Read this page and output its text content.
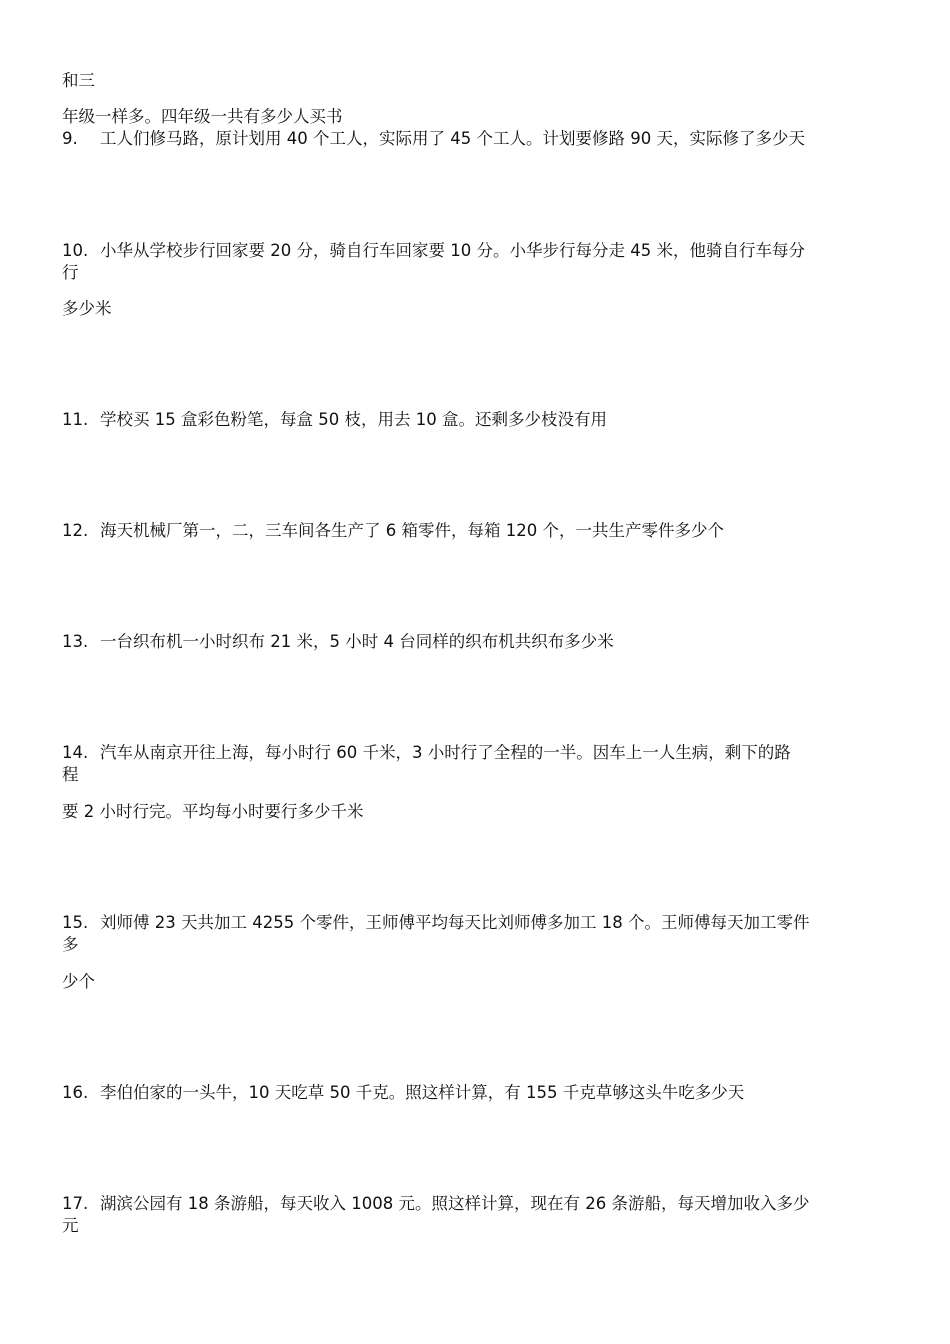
和三
年级一样多。四年级一共有多少人买书
9. 工人们修马路，原计划用 40 个工人，实际用了 45 个工人。计划要修路 90 天，实际修了多少天
10. 小华从学校步行回家要 20 分，骑自行车回家要 10 分。小华步行每分走 45 米，他骑自行车每分
行
多少米
11. 学校买 15 盒彩色粉笔，每盒 50 枝，用去 10 盒。还剩多少枝没有用
12. 海天机械厂第一，二，三车间各生产了 6 箱零件，每箱 120 个，一共生产零件多少个
13. 一台织布机一小时织布 21 米，5 小时 4 台同样的织布机共织布多少米
14. 汽车从南京开往上海，每小时行 60 千米，3 小时行了全程的一半。因车上一人生病，剩下的路
程
要 2 小时行完。平均每小时要行多少千米
15. 刘师傅 23 天共加工 4255 个零件，王师傅平均每天比刘师傅多加工 18 个。王师傅每天加工零件
多
少个
16. 李伯伯家的一头牛，10 天吃草 50 千克。照这样计算，有 155 千克草够这头牛吃多少天
17. 湖滨公园有 18 条游船，每天收入 1008 元。照这样计算，现在有 26 条游船，每天增加收入多少
元
